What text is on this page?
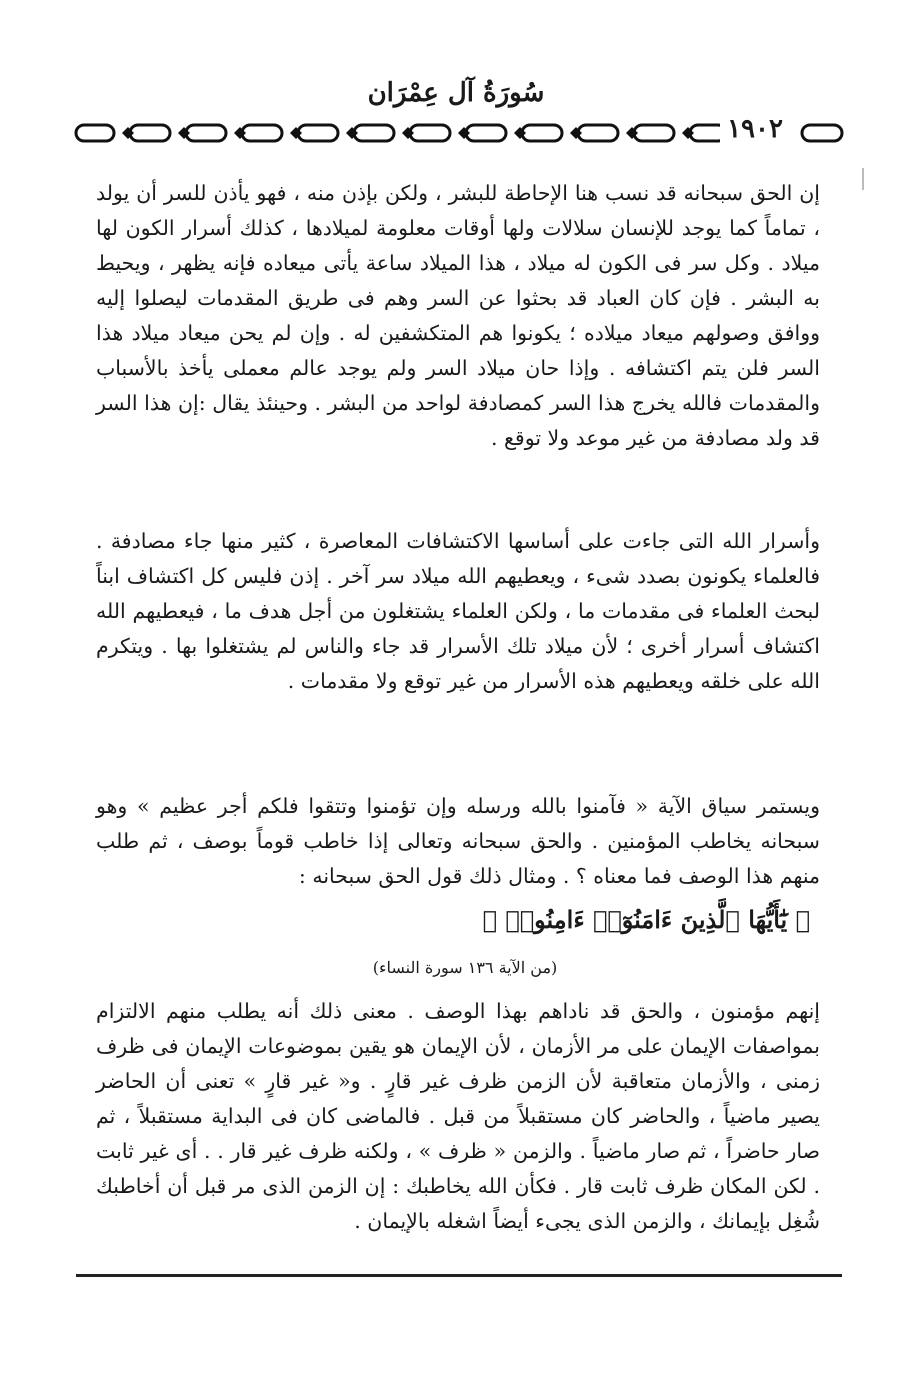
سُورَةُ آل عِمْرَان
١٩٠٢

إن الحق سبحانه قد نسب هنا الإحاطة للبشر ، ولكن بإذن منه ، فهو يأذن للسر أن يولد ، تماماً كما يوجد للإنسان سلالات ولها أوقات معلومة لميلادها ، كذلك أسرار الكون لها ميلاد . وكل سر فى الكون له ميلاد ، هذا الميلاد ساعة يأتى ميعاده فإنه يظهر ، ويحيط به البشر . فإن كان العباد قد بحثوا عن السر وهم فى طريق المقدمات ليصلوا إليه ووافق وصولهم ميعاد ميلاده ؛ يكونوا هم المتكشفين له . وإن لم يحن ميعاد ميلاد هذا السر فلن يتم اكتشافه . وإذا حان ميلاد السر ولم يوجد عالم معملى يأخذ بالأسباب والمقدمات فالله يخرج هذا السر كمصادفة لواحد من البشر . وحينئذ يقال :إن هذا السر قد ولد مصادفة من غير موعد ولا توقع .

وأسرار الله التى جاءت على أساسها الاكتشافات المعاصرة ، كثير منها جاء مصادفة . فالعلماء يكونون بصدد شىء ، ويعطيهم الله ميلاد سر آخر . إذن فليس كل اكتشاف ابناً لبحث العلماء فى مقدمات ما ، ولكن العلماء يشتغلون من أجل هدف ما ، فيعطيهم الله اكتشاف أسرار أخرى ؛ لأن ميلاد تلك الأسرار قد جاء والناس لم يشتغلوا بها . ويتكرم الله على خلقه ويعطيهم هذه الأسرار من غير توقع ولا مقدمات .

ويستمر سياق الآية « فآمنوا بالله ورسله وإن تؤمنوا وتتقوا فلكم أجر عظيم » وهو سبحانه يخاطب المؤمنين . والحق سبحانه وتعالى إذا خاطب قوماً بوصف ، ثم طلب منهم هذا الوصف فما معناه ؟ . ومثال ذلك قول الحق سبحانه :

﴿ يَٰٓأَيُّهَا ٱلَّذِينَ ءَامَنُوٓا۟ ءَامِنُوا۟ ﴾
(من الآية ١٣٦ سورة النساء)

إنهم مؤمنون ، والحق قد ناداهم بهذا الوصف . معنى ذلك أنه يطلب منهم الالتزام بمواصفات الإيمان على مر الأزمان ، لأن الإيمان هو يقين بموضوعات الإيمان فى ظرف زمنى ، والأزمان متعاقبة لأن الزمن ظرف غير قارٍ . و« غير قارٍ » تعنى أن الحاضر يصير ماضياً ، والحاضر كان مستقبلاً من قبل . فالماضى كان فى البداية مستقبلاً ، ثم صار حاضراً ، ثم صار ماضياً . والزمن « ظرف » ، ولكنه ظرف غير قار . . أى غير ثابت . لكن المكان ظرف ثابت قار . فكأن الله يخاطبك : إن الزمن الذى مر قبل أن أخاطبك شُغِل بإيمانك ، والزمن الذى يجىء أيضاً اشغله بالإيمان .
